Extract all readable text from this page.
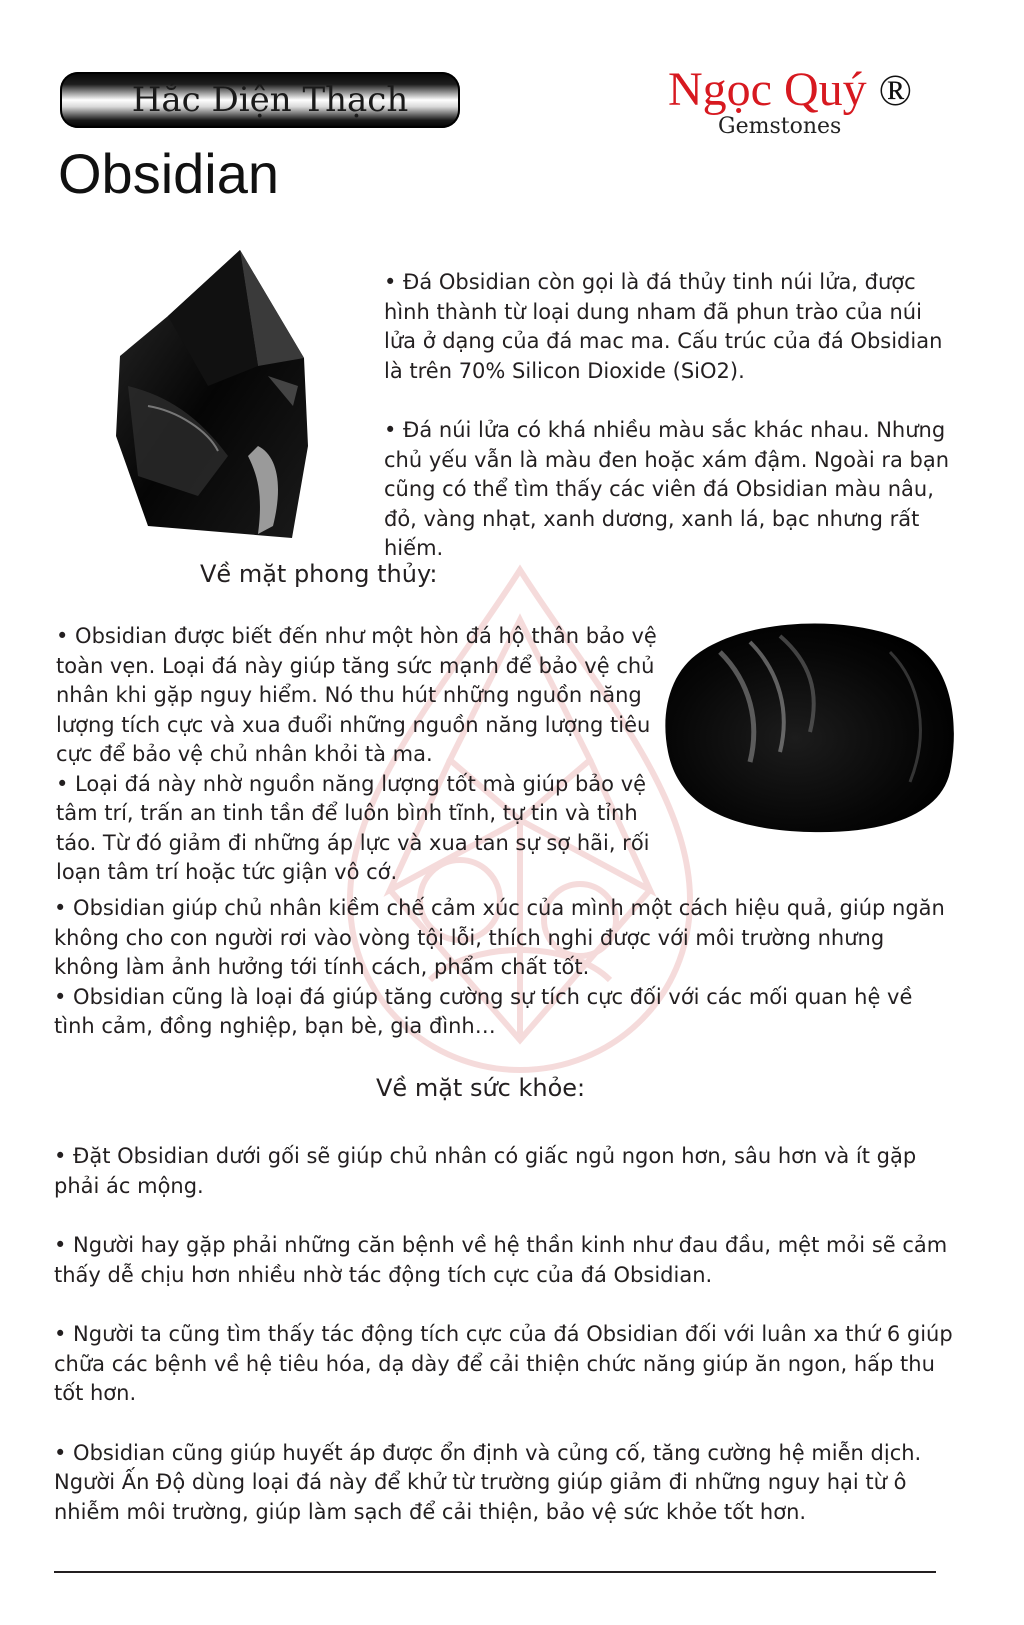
Hắc Diện Thạch
Obsidian
Ngọc Quý ®
Gemstones

• Đá Obsidian còn gọi là đá thủy tinh núi lửa, được hình thành từ loại dung nham đã phun trào của núi lửa ở dạng của đá mac ma. Cấu trúc của đá Obsidian là trên 70% Silicon Dioxide (SiO2).

• Đá núi lửa có khá nhiều màu sắc khác nhau. Nhưng chủ yếu vẫn là màu đen hoặc xám đậm. Ngoài ra bạn cũng có thể tìm thấy các viên đá Obsidian màu nâu, đỏ, vàng nhạt, xanh dương, xanh lá, bạc nhưng rất hiếm.

Về mặt phong thủy:

• Obsidian được biết đến như một hòn đá hộ thân bảo vệ toàn vẹn. Loại đá này giúp tăng sức mạnh để bảo vệ chủ nhân khi gặp nguy hiểm. Nó thu hút những nguồn năng lượng tích cực và xua đuổi những nguồn năng lượng tiêu cực để bảo vệ chủ nhân khỏi tà ma.

• Loại đá này nhờ nguồn năng lượng tốt mà giúp bảo vệ tâm trí, trấn an tinh tần để luôn bình tĩnh, tự tin và tỉnh táo. Từ đó giảm đi những áp lực và xua tan sự sợ hãi, rối loạn tâm trí hoặc tức giận vô cớ.

• Obsidian giúp chủ nhân kiềm chế cảm xúc của mình một cách hiệu quả, giúp ngăn không cho con người rơi vào vòng tội lỗi, thích nghi được với môi trường nhưng không làm ảnh hưởng tới tính cách, phẩm chất tốt.

• Obsidian cũng là loại đá giúp tăng cường sự tích cực đối với các mối quan hệ về tình cảm, đồng nghiệp, bạn bè, gia đình…

Về mặt sức khỏe:

• Đặt Obsidian dưới gối sẽ giúp chủ nhân có giấc ngủ ngon hơn, sâu hơn và ít gặp phải ác mộng.

• Người hay gặp phải những căn bệnh về hệ thần kinh như đau đầu, mệt mỏi sẽ cảm thấy dễ chịu hơn nhiều nhờ tác động tích cực của đá Obsidian.

• Người ta cũng tìm thấy tác động tích cực của đá Obsidian đối với luân xa thứ 6 giúp chữa các bệnh về hệ tiêu hóa, dạ dày để cải thiện chức năng giúp ăn ngon, hấp thu tốt hơn.

• Obsidian cũng giúp huyết áp được ổn định và củng cố, tăng cường hệ miễn dịch. Người Ấn Độ dùng loại đá này để khử từ trường giúp giảm đi những nguy hại từ ô nhiễm môi trường, giúp làm sạch để cải thiện, bảo vệ sức khỏe tốt hơn.
